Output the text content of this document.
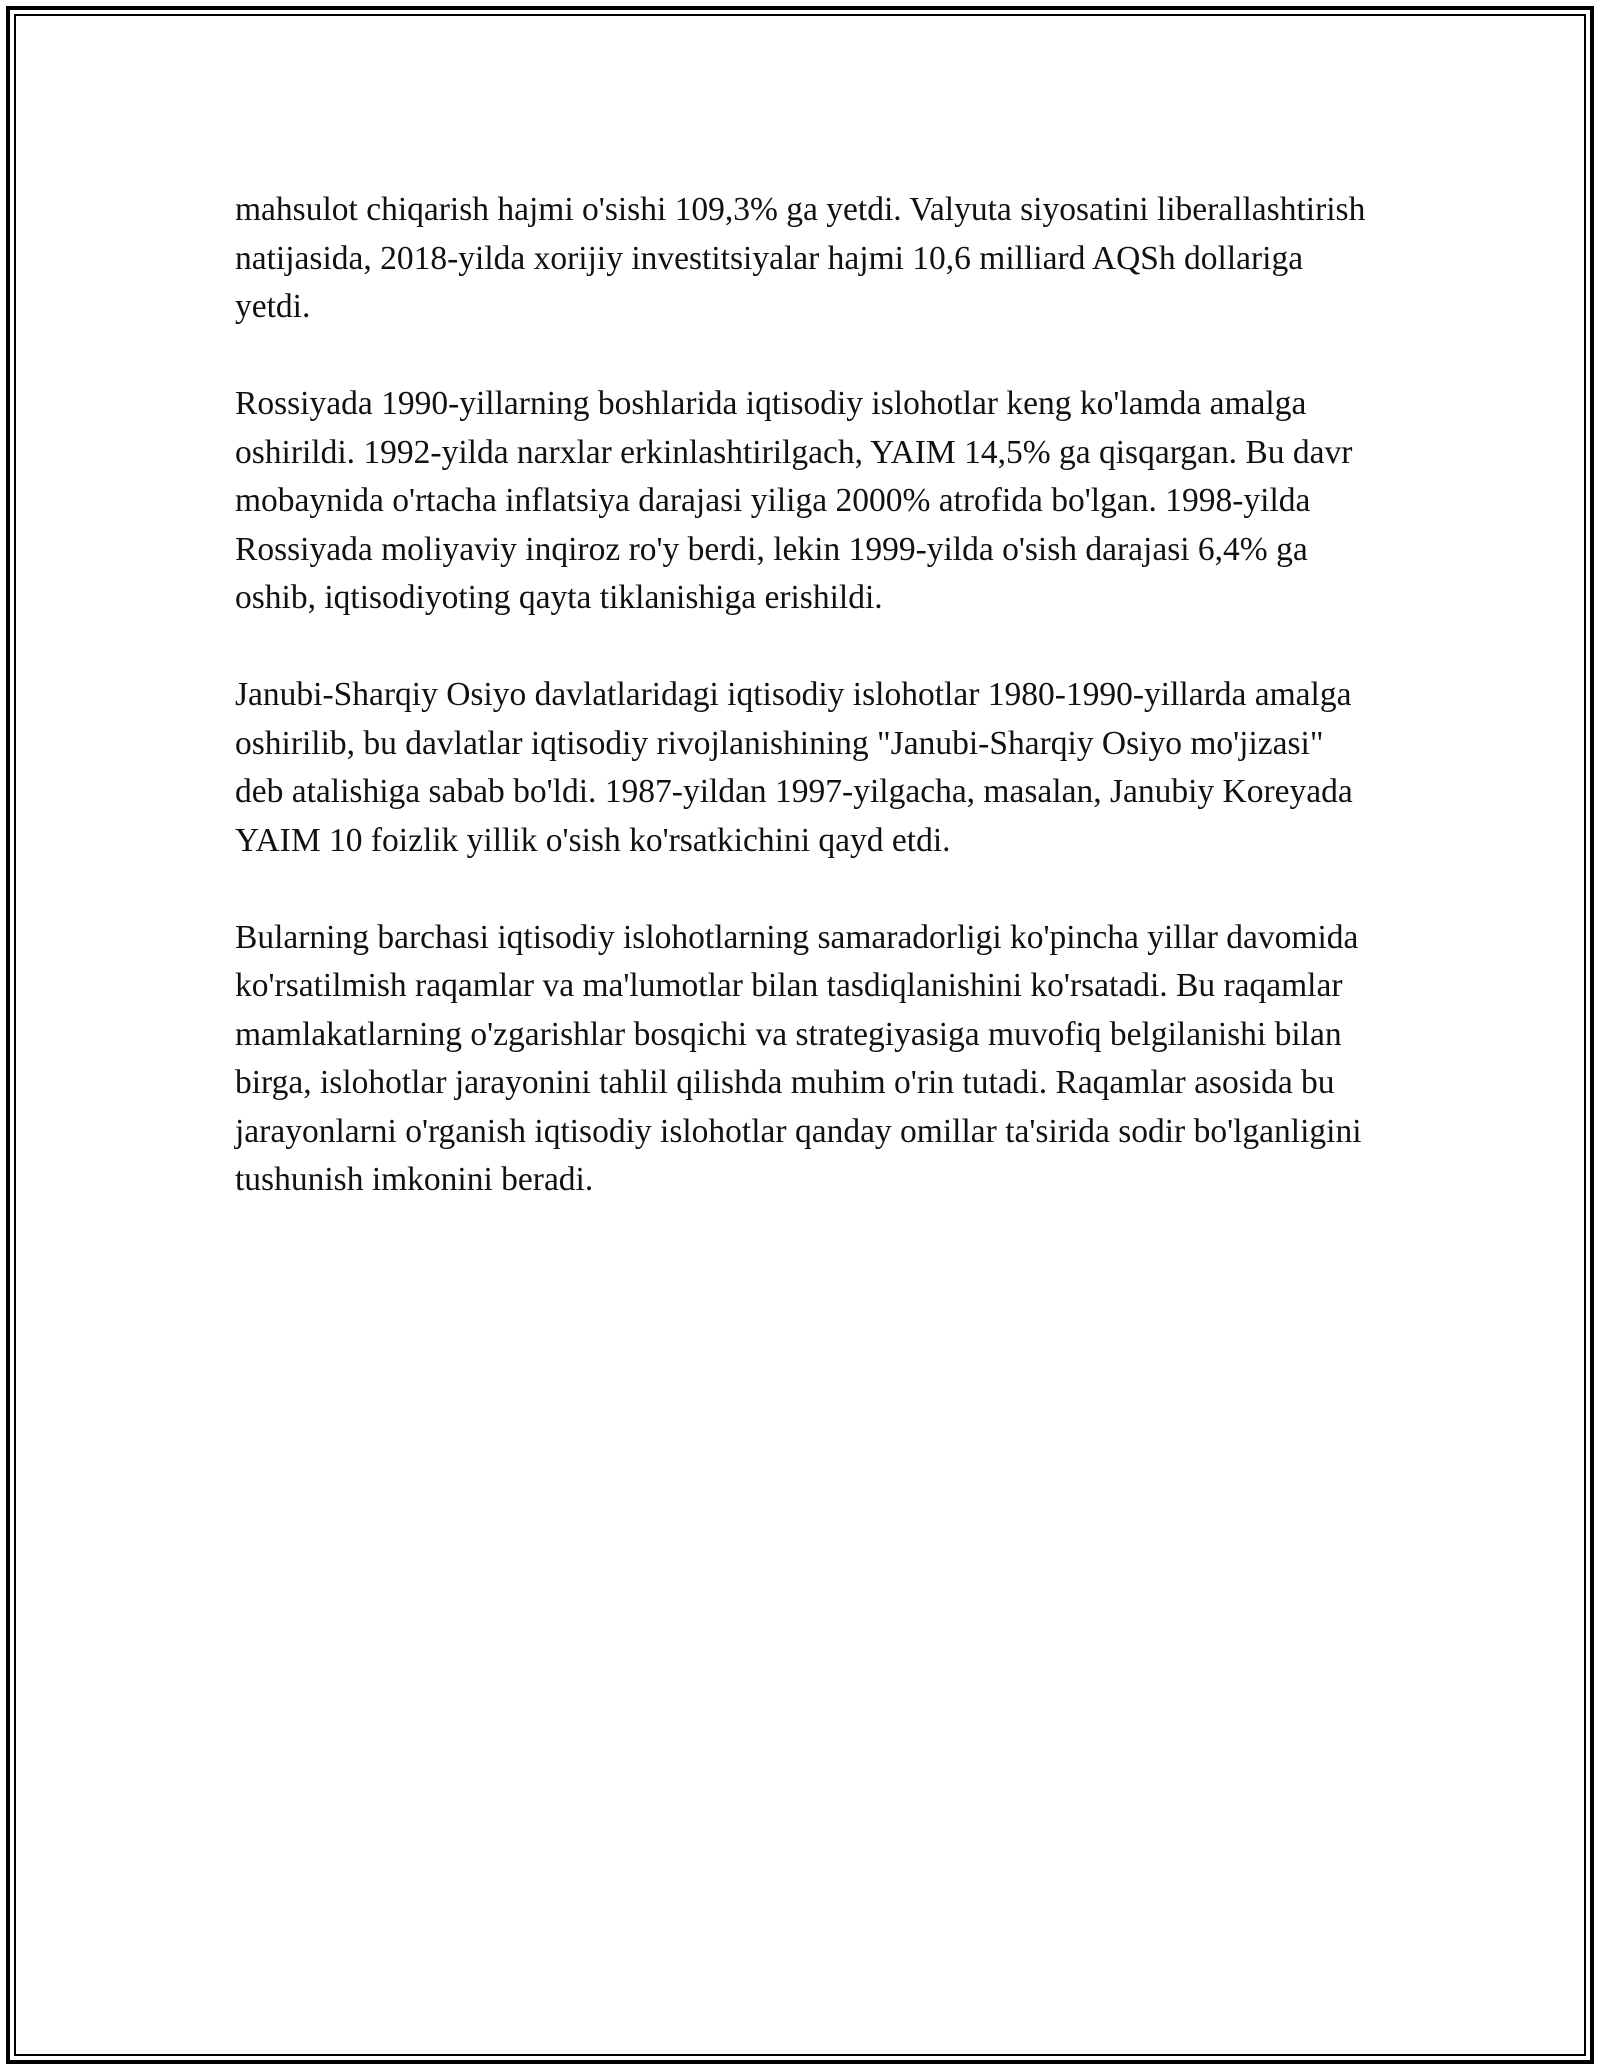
mahsulot chiqarish hajmi o'sishi 109,3% ga yetdi. Valyuta siyosatini liberallashtirish natijasida, 2018-yilda xorijiy investitsiyalar hajmi 10,6 milliard AQSh dollariga yetdi.

Rossiyada 1990-yillarning boshlarida iqtisodiy islohotlar keng ko'lamda amalga oshirildi. 1992-yilda narxlar erkinlashtirilgach, YAIM 14,5% ga qisqargan. Bu davr mobaynida o'rtacha inflatsiya darajasi yiliga 2000% atrofida bo'lgan. 1998-yilda Rossiyada moliyaviy inqiroz ro'y berdi, lekin 1999-yilda o'sish darajasi 6,4% ga oshib, iqtisodiyoting qayta tiklanishiga erishildi.

Janubi-Sharqiy Osiyo davlatlaridagi iqtisodiy islohotlar 1980-1990-yillarda amalga oshirilib, bu davlatlar iqtisodiy rivojlanishining "Janubi-Sharqiy Osiyo mo'jizasi" deb atalishiga sabab bo'ldi. 1987-yildan 1997-yilgacha, masalan, Janubiy Koreyada YAIM 10 foizlik yillik o'sish ko'rsatkichini qayd etdi.

Bularning barchasi iqtisodiy islohotlarning samaradorligi ko'pincha yillar davomida ko'rsatilmish raqamlar va ma'lumotlar bilan tasdiqlanishini ko'rsatadi. Bu raqamlar mamlakatlarning o'zgarishlar bosqichi va strategiyasiga muvofiq belgilanishi bilan birga, islohotlar jarayonini tahlil qilishda muhim o'rin tutadi. Raqamlar asosida bu jarayonlarni o'rganish iqtisodiy islohotlar qanday omillar ta'sirida sodir bo'lganligini tushunish imkonini beradi.
